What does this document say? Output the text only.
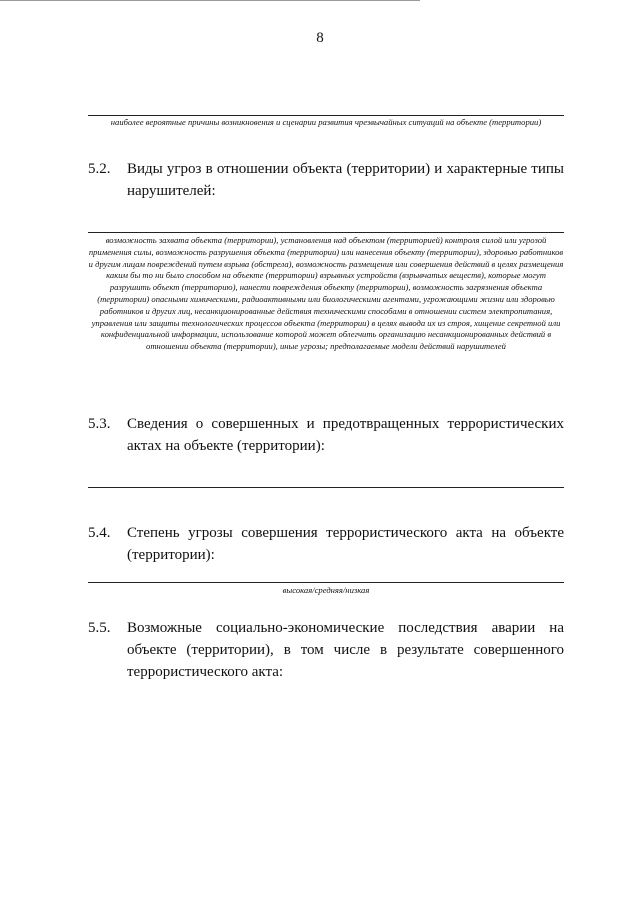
8
наиболее вероятные причины возникновения и сценарии развития чрезвычайных ситуаций на объекте (территории)
5.2. Виды угроз в отношении объекта (территории) и характерные типы нарушителей:
возможность захвата объекта (территории), установления над объектом (территорией) контроля силой или угрозой применения силы, возможность разрушения объекта (территории) или нанесения объекту (территории), здоровью работников и другим лицам повреждений путем взрыва (обстрела), возможность размещения или совершения действий в целях размещения каким бы то ни было способом на объекте (территории) взрывных устройств (взрывчатых веществ), которые могут разрушить объект (территорию), нанести повреждения объекту (территории), возможность загрязнения объекта (территории) опасными химическими, радиоактивными или биологическими агентами, угрожающими жизни или здоровью работников и других лиц, несанкционированные действия техническими способами в отношении систем электропитания, управления или защиты технологических процессов объекта (территории) в целях вывода их из строя, хищение секретной или конфиденциальной информации, использование которой может облегчить организацию несанкционированных действий в отношении объекта (территории), иные угрозы; предполагаемые модели действий нарушителей
5.3. Сведения о совершенных и предотвращенных террористических актах на объекте (территории):
5.4. Степень угрозы совершения террористического акта на объекте (территории):
высокая/средняя/низкая
5.5. Возможные социально-экономические последствия аварии на объекте (территории), в том числе в результате совершенного террористического акта:
